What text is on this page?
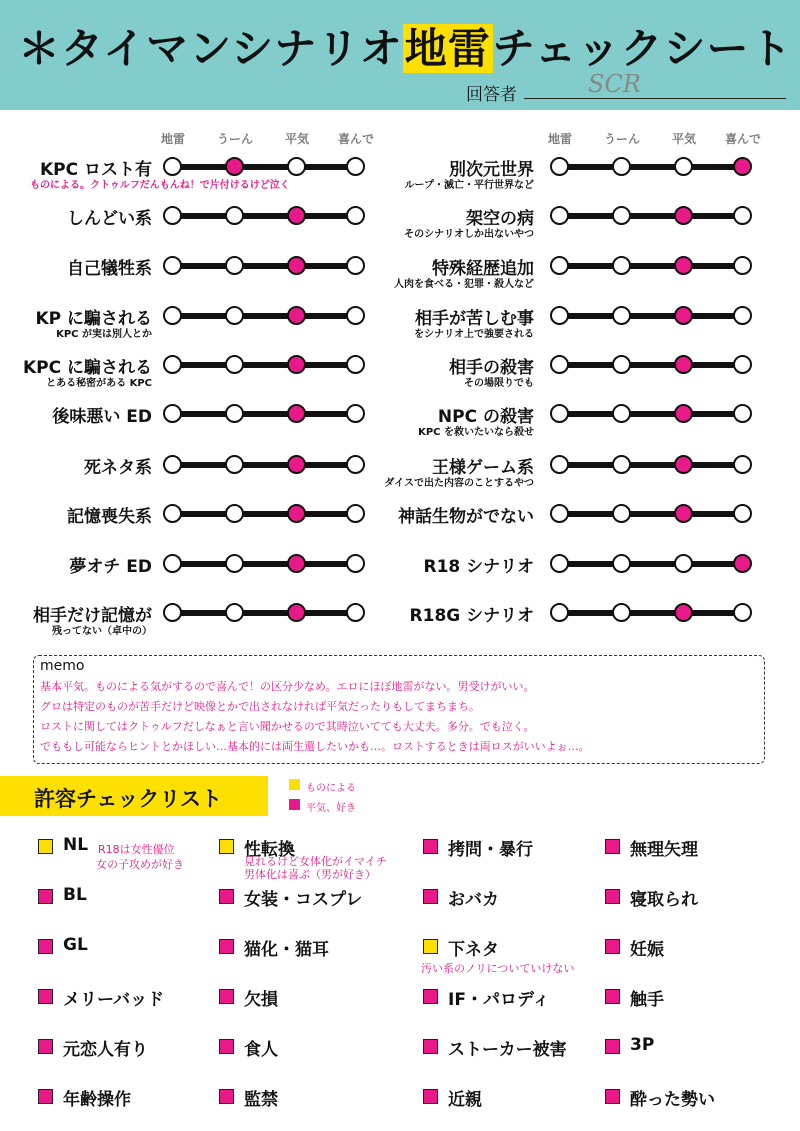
＊タイマンシナリオ地雷チェックシート
回答者	SCR
地雷	うーん	平気	喜んで	地雷	うーん	平気	喜んで
KPC ロスト有
ものによる。クトゥルフだんもんね！で片付けるけど泣く
しんどい系
自己犠牲系
KP に騙される
KPC が実は別人とか
KPC に騙される
とある秘密がある KPC
後味悪い ED
死ネタ系
記憶喪失系
夢オチ ED
相手だけ記憶が
残ってない（卓中の）
別次元世界
ループ・滅亡・平行世界など
架空の病
そのシナリオしか出ないやつ
特殊経歴追加
人肉を食べる・犯罪・殺人など
相手が苦しむ事
をシナリオ上で強要される
相手の殺害
その場限りでも
NPC の殺害
KPC を救いたいなら殺せ
王様ゲーム系
ダイスで出た内容のことするやつ
神話生物がでない
R18 シナリオ
R18G シナリオ
memo
基本平気。ものによる気がするので喜んで！の区分少なめ。エロにほぼ地雷がない。男受けがいい。
グロは特定のものが苦手だけど映像とかで出されなければ平気だったりもしてまちまち。
ロストに関してはクトゥルフだしなぁと言い聞かせるので其時泣いてても大丈夫。多分。でも泣く。
でももし可能ならヒントとかほしい…基本的には両生還したいかも…。ロストするときは両ロスがいいよぉ…。
許容チェックリスト	ものによる
平気、好き
NL R18は女性優位
女の子攻めが好き
BL
GL
メリーバッド
元恋人有り
年齢操作
性転換
見れるけど女体化がイマイチ
男体化は喜ぶ（男が好き）
女装・コスプレ
猫化・猫耳
欠損
食人
監禁
拷問・暴行
おバカ
下ネタ
汚い系のノリについていけない
IF・パロディ
ストーカー被害
近親
無理矢理
寝取られ
妊娠
触手
3P
酔った勢い
